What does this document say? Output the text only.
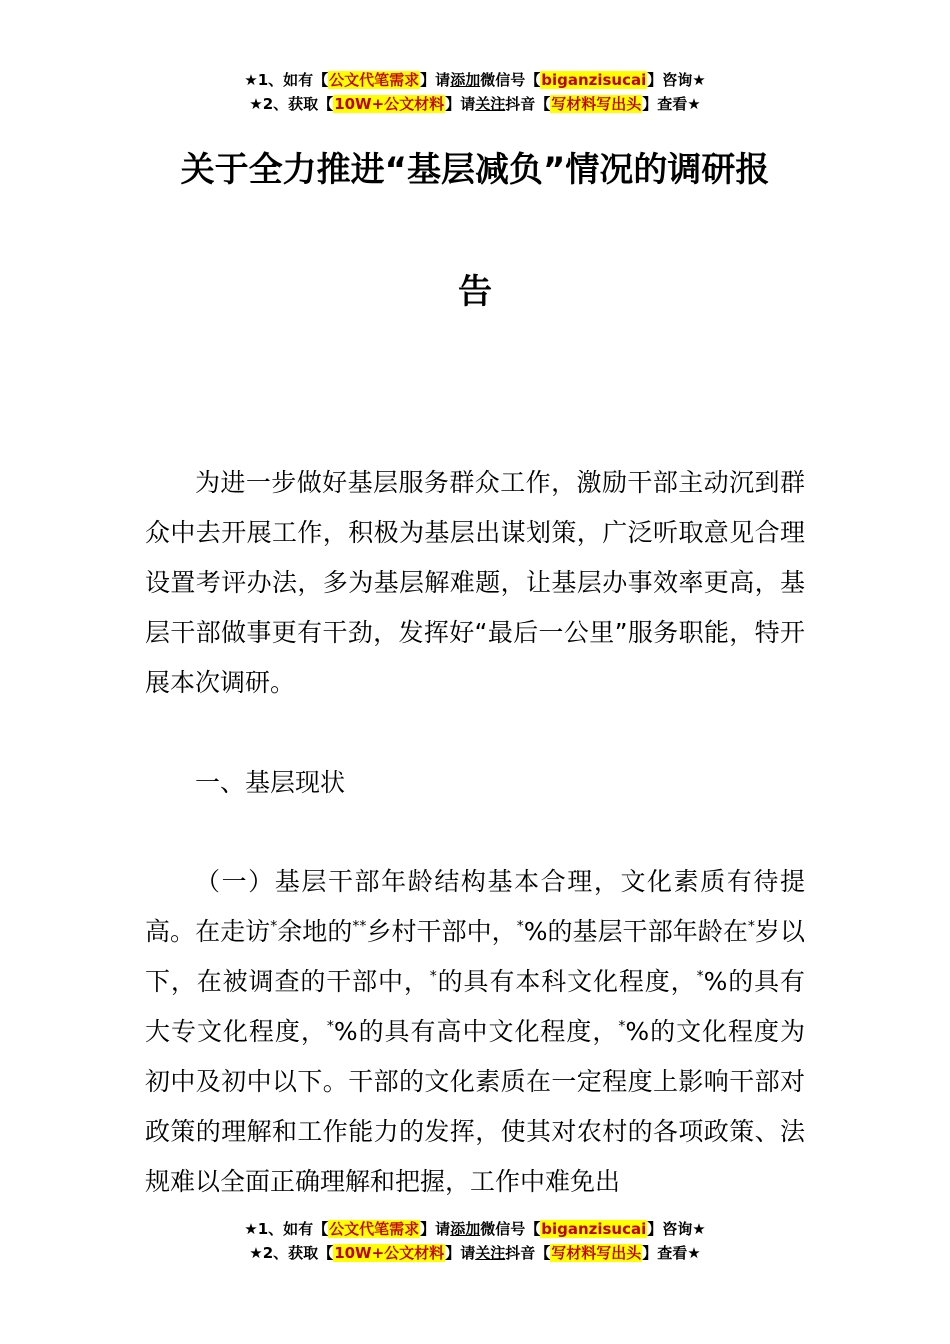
★1、如有【公文代笔需求】请添加微信号【biganzisucai】咨询★
★2、获取【10W+公文材料】请关注抖音【写材料写出头】查看★
关于全力推进“基层减负”情况的调研报
告

为进一步做好基层服务群众工作，激励干部主动沉到群众中去开展工作，积极为基层出谋划策，广泛听取意见合理设置考评办法，多为基层解难题，让基层办事效率更高，基层干部做事更有干劲，发挥好“最后一公里”服务职能，特开展本次调研。

一、基层现状

（一）基层干部年龄结构基本合理，文化素质有待提高。在走访*余地的**乡村干部中，*%的基层干部年龄在*岁以下，在被调查的干部中，*的具有本科文化程度，*%的具有大专文化程度，*%的具有高中文化程度，*%的文化程度为初中及初中以下。干部的文化素质在一定程度上影响干部对政策的理解和工作能力的发挥，使其对农村的各项政策、法规难以全面正确理解和把握，工作中难免出

★1、如有【公文代笔需求】请添加微信号【biganzisucai】咨询★
★2、获取【10W+公文材料】请关注抖音【写材料写出头】查看★
